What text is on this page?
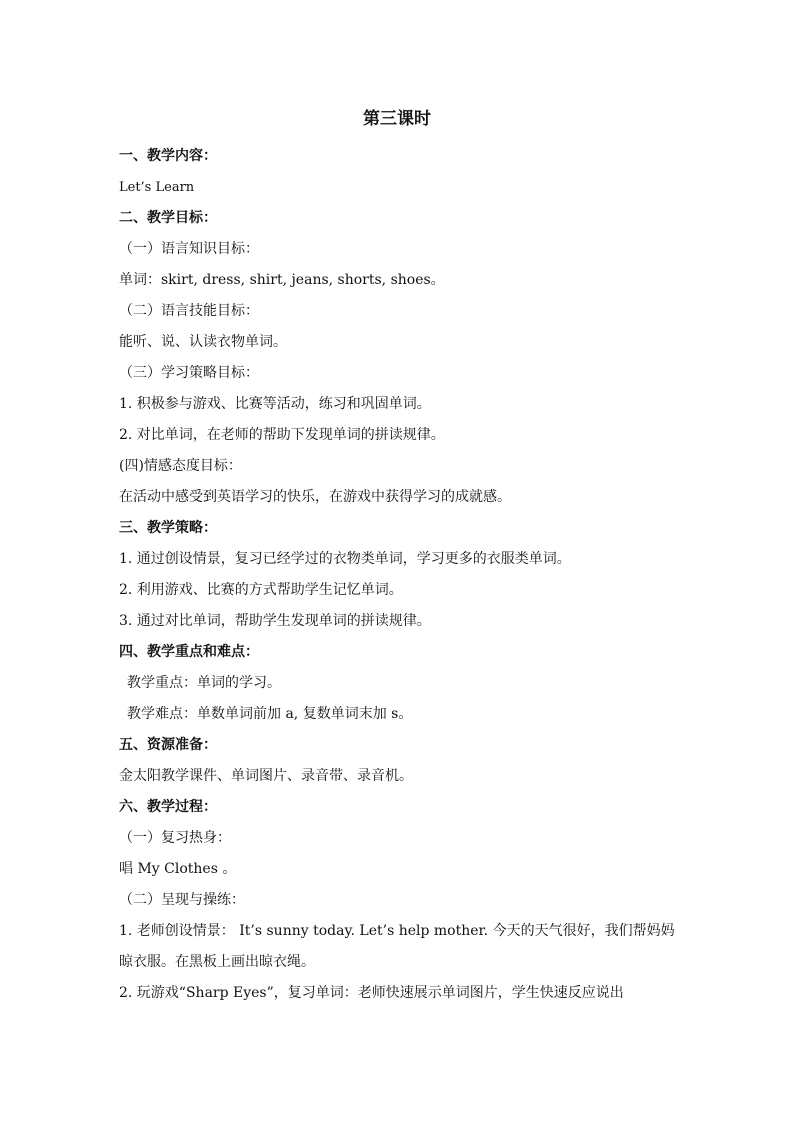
第三课时
一、教学内容：
Let’s Learn
二、教学目标：
（一）语言知识目标：
单词：skirt, dress, shirt, jeans, shorts, shoes。
（二）语言技能目标：
能听、说、认读衣物单词。
（三）学习策略目标：
1. 积极参与游戏、比赛等活动，练习和巩固单词。
2. 对比单词，在老师的帮助下发现单词的拼读规律。
(四)情感态度目标：
在活动中感受到英语学习的快乐，在游戏中获得学习的成就感。
三、教学策略：
1. 通过创设情景，复习已经学过的衣物类单词，学习更多的衣服类单词。
2. 利用游戏、比赛的方式帮助学生记忆单词。
3. 通过对比单词，帮助学生发现单词的拼读规律。
四、教学重点和难点：
教学重点：单词的学习。
教学难点：单数单词前加 a, 复数单词末加 s。
五、资源准备：
金太阳教学课件、单词图片、录音带、录音机。
六、教学过程：
（一）复习热身：
唱 My Clothes 。
（二）呈现与操练：
1. 老师创设情景： It’s sunny today. Let’s help mother. 今天的天气很好，我们帮妈妈晾衣服。在黑板上画出晾衣绳。
2. 玩游戏“Sharp Eyes”，复习单词：老师快速展示单词图片，学生快速反应说出
